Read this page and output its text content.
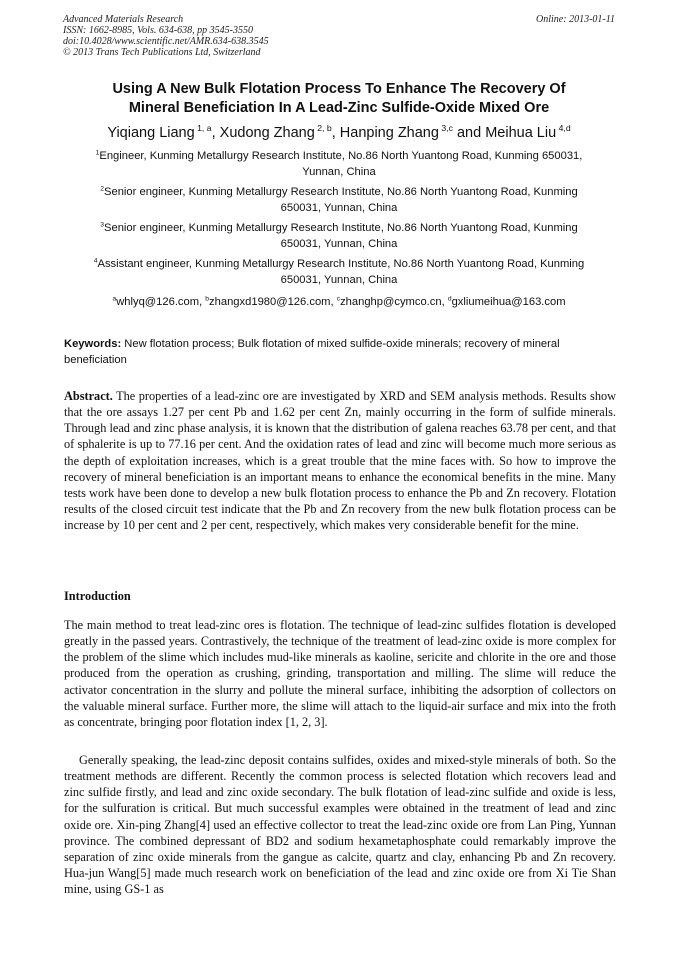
Advanced Materials Research
ISSN: 1662-8985, Vols. 634-638, pp 3545-3550
doi:10.4028/www.scientific.net/AMR.634-638.3545
© 2013 Trans Tech Publications Ltd, Switzerland
Online: 2013-01-11
Using A New Bulk Flotation Process To Enhance The Recovery Of
Mineral Beneficiation In A Lead-Zinc Sulfide-Oxide Mixed Ore
Yiqiang Liang $^{1, a}$, Xudong Zhang $^{2, b}$, Hanping Zhang $^{3,c}$ and Meihua Liu $^{4,d}$
$^1$Engineer, Kunming Metallurgy Research Institute, No.86 North Yuantong Road, Kunming 650031,
Yunnan, China
$^2$Senior engineer, Kunming Metallurgy Research Institute, No.86 North Yuantong Road, Kunming
650031, Yunnan, China
$^3$Senior engineer, Kunming Metallurgy Research Institute, No.86 North Yuantong Road, Kunming
650031, Yunnan, China
$^4$Assistant engineer, Kunming Metallurgy Research Institute, No.86 North Yuantong Road, Kunming
650031, Yunnan, China
$^a$whlyq@126.com, $^b$zhangxd1980@126.com, $^c$zhanghp@cymco.cn, $^d$gxliumeihua@163.com
Keywords: New flotation process; Bulk flotation of mixed sulfide-oxide minerals; recovery of mineral beneficiation
Abstract. The properties of a lead-zinc ore are investigated by XRD and SEM analysis methods. Results show that the ore assays 1.27 per cent Pb and 1.62 per cent Zn, mainly occurring in the form of sulfide minerals. Through lead and zinc phase analysis, it is known that the distribution of galena reaches 63.78 per cent, and that of sphalerite is up to 77.16 per cent. And the oxidation rates of lead and zinc will become much more serious as the depth of exploitation increases, which is a great trouble that the mine faces with. So how to improve the recovery of mineral beneficiation is an important means to enhance the economical benefits in the mine. Many tests work have been done to develop a new bulk flotation process to enhance the Pb and Zn recovery. Flotation results of the closed circuit test indicate that the Pb and Zn recovery from the new bulk flotation process can be increase by 10 per cent and 2 per cent, respectively, which makes very considerable benefit for the mine.
Introduction

The main method to treat lead-zinc ores is flotation. The technique of lead-zinc sulfides flotation is developed greatly in the passed years. Contrastively, the technique of the treatment of lead-zinc oxide is more complex for the problem of the slime which includes mud-like minerals as kaoline, sericite and chlorite in the ore and those produced from the operation as crushing, grinding, transportation and milling. The slime will reduce the activator concentration in the slurry and pollute the mineral surface, inhibiting the adsorption of collectors on the valuable mineral surface. Further more, the slime will attach to the liquid-air surface and mix into the froth as concentrate, bringing poor flotation index [1, 2, 3].

Generally speaking, the lead-zinc deposit contains sulfides, oxides and mixed-style minerals of both. So the treatment methods are different. Recently the common process is selected flotation which recovers lead and zinc sulfide firstly, and lead and zinc oxide secondary. The bulk flotation of lead-zinc sulfide and oxide is less, for the sulfuration is critical. But much successful examples were obtained in the treatment of lead and zinc oxide ore. Xin-ping Zhang[4] used an effective collector to treat the lead-zinc oxide ore from Lan Ping, Yunnan province. The combined depressant of BD2 and sodium hexametaphosphate could remarkably improve the separation of zinc oxide minerals from the gangue as calcite, quartz and clay, enhancing Pb and Zn recovery. Hua-jun Wang[5] made much research work on beneficiation of the lead and zinc oxide ore from Xi Tie Shan mine, using GS-1 as
